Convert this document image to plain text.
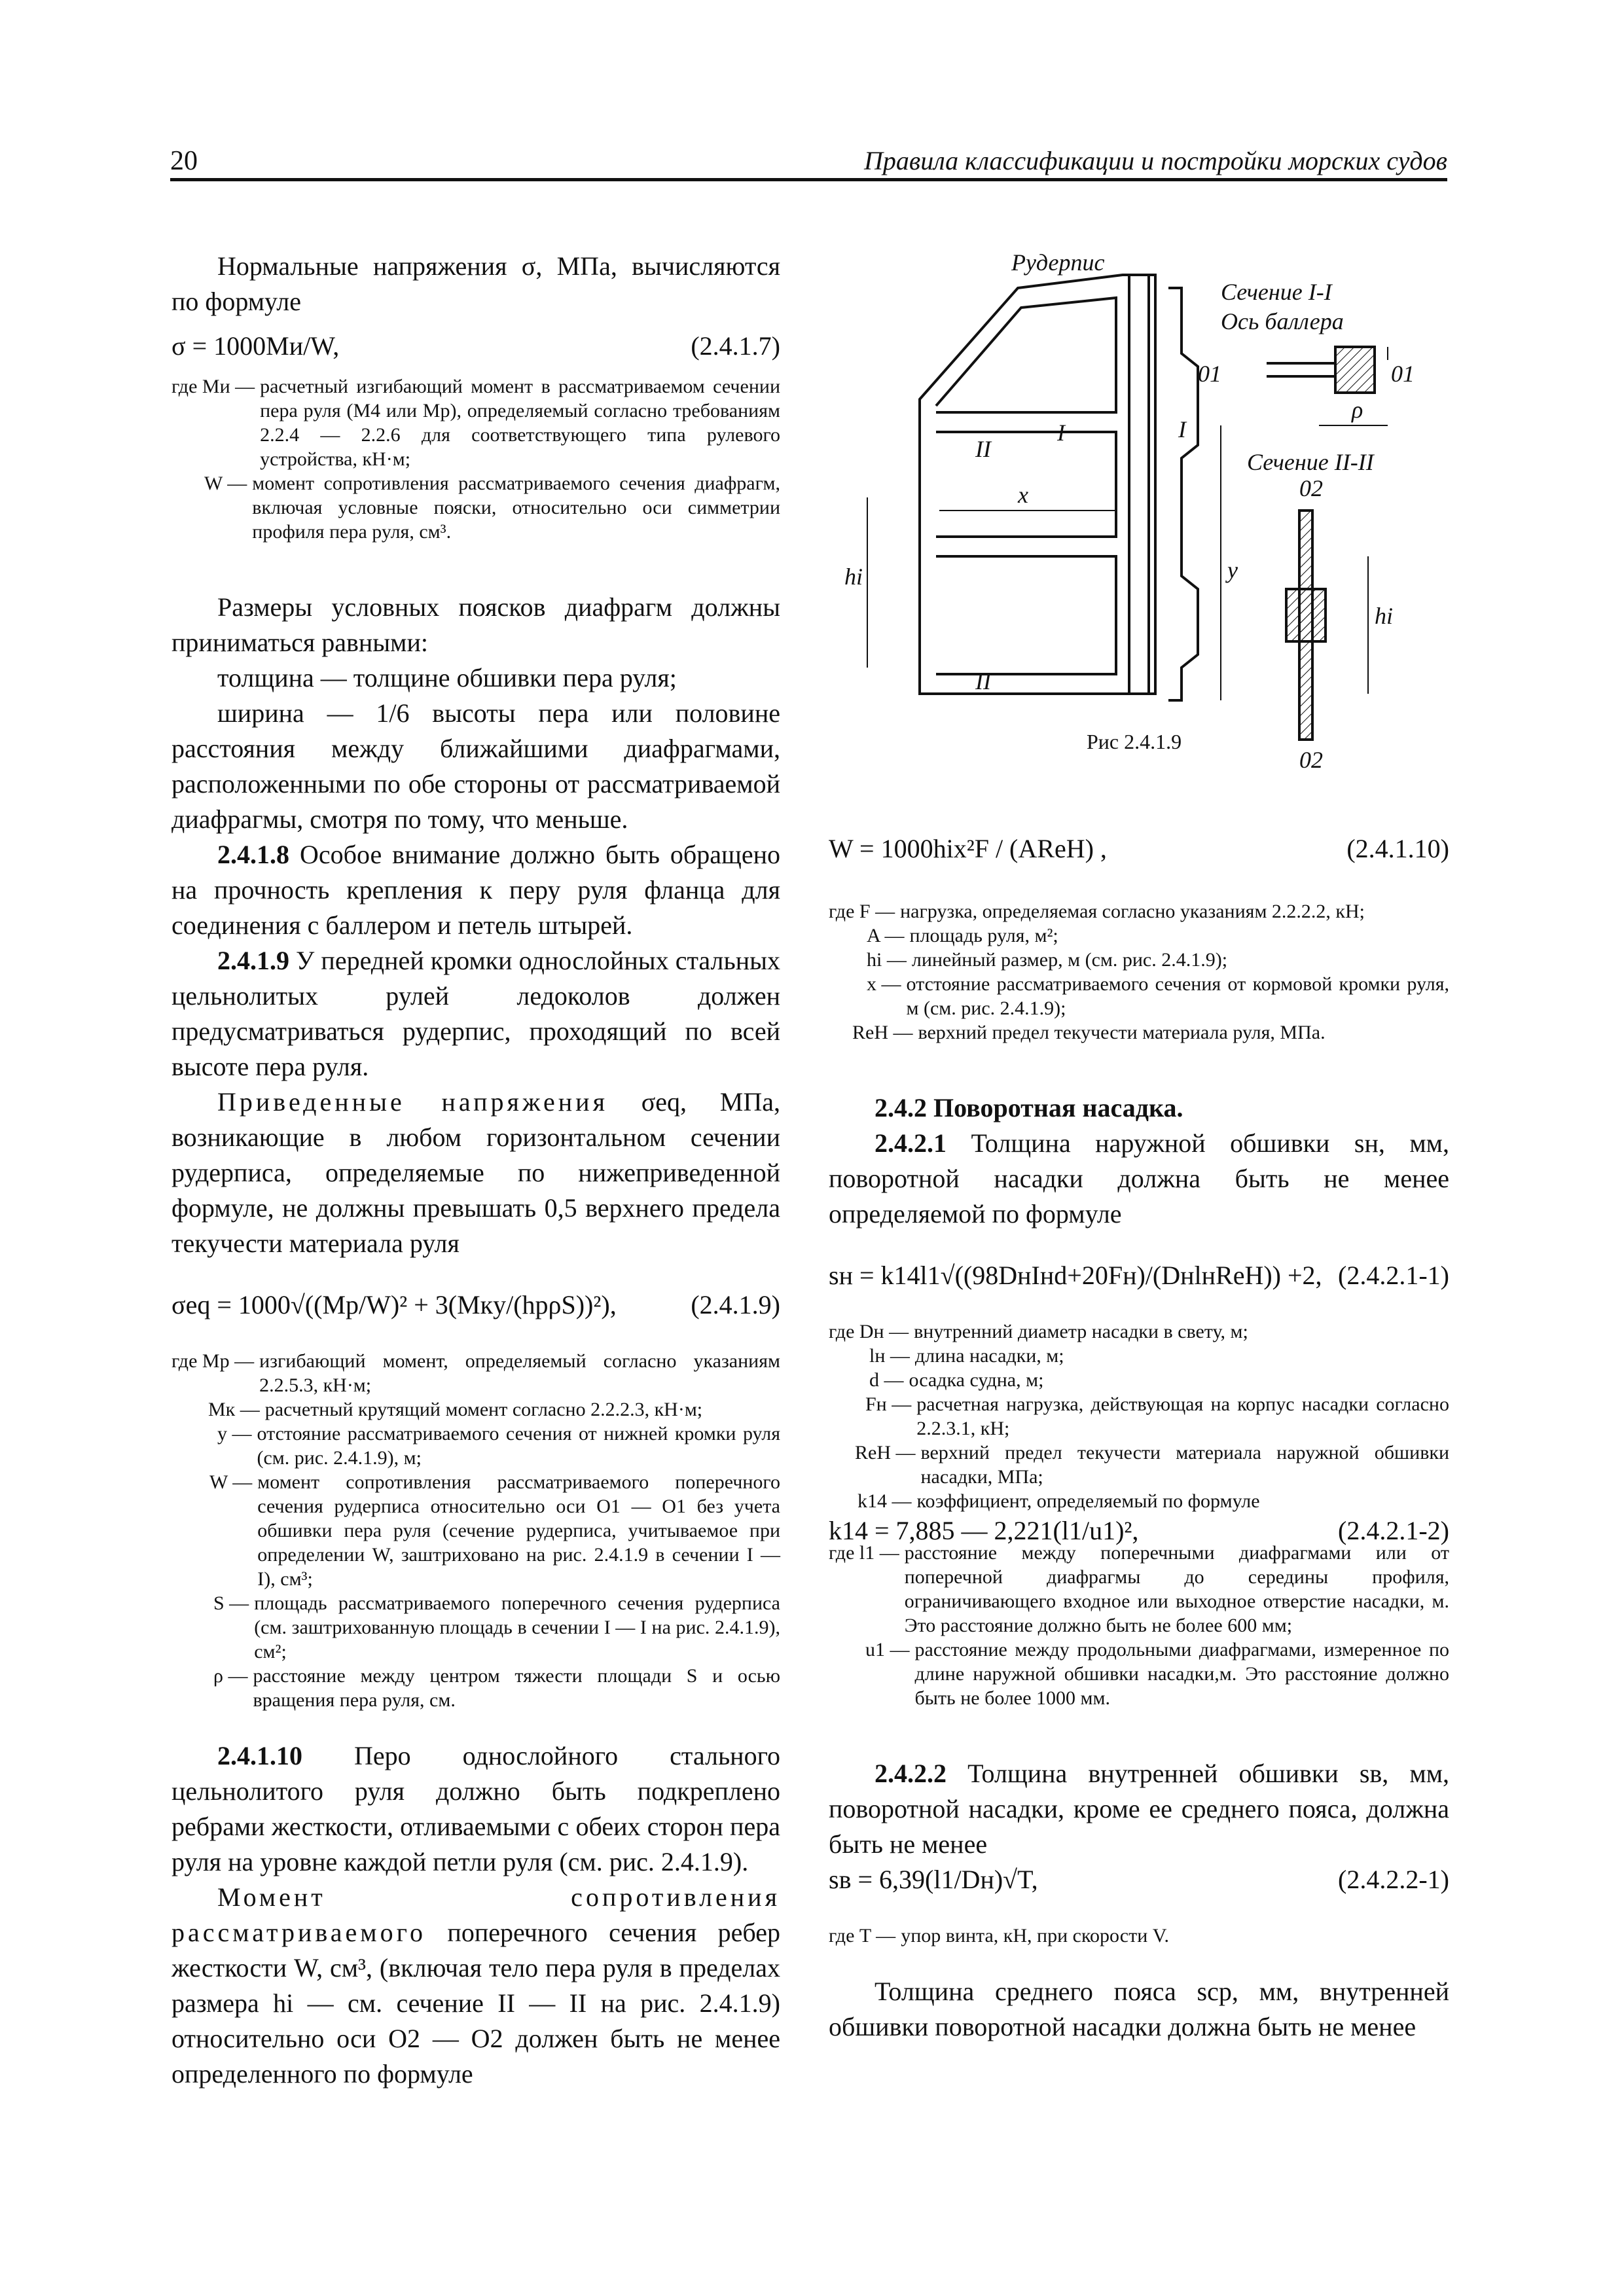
20	Правила классификации и постройки морских судов

Нормальные напряжения σ, МПа, вычисляются по формуле

σ = 1000Mи/W,	(2.4.1.7)
где Mи — расчетный изгибающий момент в рассматриваемом сечении пера руля (M4 или Mр), определяемый согласно требованиям 2.2.4 — 2.2.6 для соответствующего типа рулевого устройства, кН·м;
W — момент сопротивления рассматриваемого сечения диафрагм, включая условные пояски, относительно оси симметрии профиля пера руля, см³.

Размеры условных поясков диафрагм должны приниматься равными:

толщина — толщине обшивки пера руля;

ширина — 1/6 высоты пера или половине расстояния между ближайшими диафрагмами, расположенными по обе стороны от рассматриваемой диафрагмы, смотря по тому, что меньше.

2.4.1.8 Особое внимание должно быть обращено на прочность крепления к перу руля фланца для соединения с баллером и петель штырей.

2.4.1.9 У передней кромки однослойных стальных цельнолитых рулей ледоколов должен предусматриваться рудерпис, проходящий по всей высоте пера руля.

Приведенные напряжения σeq, МПа, возникающие в любом горизонтальном сечении рудерписа, определяемые по нижеприведенной формуле, не должны превышать 0,5 верхнего предела текучести материала руля

σeq = 1000√((Mр/W)² + 3(Mкy/(hрρS))²),	(2.4.1.9)
где Mр — изгибающий момент, определяемый согласно указаниям 2.2.5.3, кН·м;
Mк — расчетный крутящий момент согласно 2.2.2.3, кН·м;
y — отстояние рассматриваемого сечения от нижней кромки руля (см. рис. 2.4.1.9), м;
W — момент сопротивления рассматриваемого поперечного сечения рудерписа относительно оси O1 — O1 без учета обшивки пера руля (сечение рудерписа, учитываемое при определении W, заштриховано на рис. 2.4.1.9 в сечении I — I), см³;
S — площадь рассматриваемого поперечного сечения рудерписа (см. заштрихованную площадь в сечении I — I на рис. 2.4.1.9), см²;
ρ — расстояние между центром тяжести площади S и осью вращения пера руля, см.

2.4.1.10 Перо однослойного стального цельнолитого руля должно быть подкреплено ребрами жесткости, отливаемыми с обеих сторон пера руля на уровне каждой петли руля (см. рис. 2.4.1.9).

Момент сопротивления рассматриваемого поперечного сечения ребер жесткости W, см³, (включая тело пера руля в пределах размера hi — см. сечение II — II на рис. 2.4.1.9) относительно оси O2 — O2 должен быть не менее определенного по формуле

Рудерпис
Сечение I-I
Ось баллера
Сечение II-II
01	01
02
02
ρ
hi
hi
x
y
I	I
II
II
Рис 2.4.1.9
W = 1000hix²F / (AReH) ,	(2.4.1.10)
где F — нагрузка, определяемая согласно указаниям 2.2.2.2, кН;
A — площадь руля, м²;
hi — линейный размер, м (см. рис. 2.4.1.9);
x — отстояние рассматриваемого сечения от кормовой кромки руля, м (см. рис. 2.4.1.9);
ReH — верхний предел текучести материала руля, МПа.

2.4.2 Поворотная насадка.

2.4.2.1 Толщина наружной обшивки sн, мм, поворотной насадки должна быть не менее определяемой по формуле

sн = k14l1√((98DнIнd+20Fн)/(DнlнReH)) +2, (2.4.2.1-1)
где Dн — внутренний диаметр насадки в свету, м;
lн — длина насадки, м;
d — осадка судна, м;
Fн — расчетная нагрузка, действующая на корпус насадки согласно 2.2.3.1, кН;
ReH — верхний предел текучести материала наружной обшивки насадки, МПа;
k14 — коэффициент, определяемый по формуле
k14 = 7,885 — 2,221(l1/u1)²,	(2.4.2.1-2)
где l1 — расстояние между поперечными диафрагмами или от поперечной диафрагмы до середины профиля, ограничивающего входное или выходное отверстие насадки, м. Это расстояние должно быть не более 600 мм;
u1 — расстояние между продольными диафрагмами, измеренное по длине наружной обшивки насадки,м. Это расстояние должно быть не более 1000 мм.

2.4.2.2 Толщина внутренней обшивки sв, мм, поворотной насадки, кроме ее среднего пояса, должна быть не менее

sв = 6,39(l1/Dн)√T,	(2.4.2.2-1)
где T — упор винта, кН, при скорости V.

Толщина среднего пояса sср, мм, внутренней обшивки поворотной насадки должна быть не менее
